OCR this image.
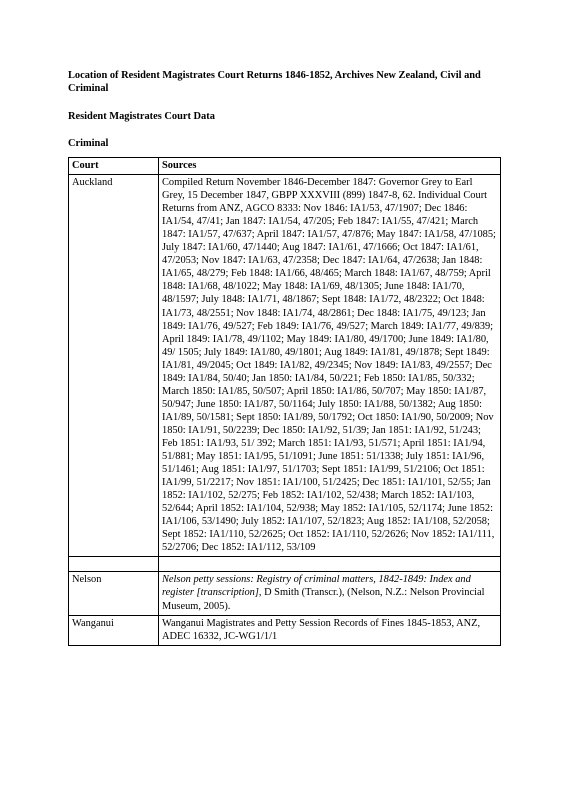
Location of Resident Magistrates Court Returns 1846-1852, Archives New Zealand, Civil and Criminal

Resident Magistrates Court Data

Criminal

Court	Sources
Auckland	Compiled Return November 1846-December 1847: Governor Grey to Earl Grey, 15 December 1847, GBPP XXXVIII (899) 1847-8, 62. Individual Court Returns from ANZ, AGCO 8333: Nov 1846: IA1/53, 47/1907; Dec 1846: IA1/54, 47/41; Jan 1847: IA1/54, 47/205; Feb 1847: IA1/55, 47/421; March 1847: IA1/57, 47/637; April 1847: IA1/57, 47/876; May 1847: IA1/58, 47/1085; July 1847: IA1/60, 47/1440; Aug 1847: IA1/61, 47/1666; Oct 1847: IA1/61, 47/2053; Nov 1847: IA1/63, 47/2358; Dec 1847: IA1/64, 47/2638; Jan 1848: IA1/65, 48/279; Feb 1848: IA1/66, 48/465; March 1848: IA1/67, 48/759; April 1848: IA1/68, 48/1022; May 1848: IA1/69, 48/1305; June 1848: IA1/70, 48/1597; July 1848: IA1/71, 48/1867; Sept 1848: IA1/72, 48/2322; Oct 1848: IA1/73, 48/2551; Nov 1848: IA1/74, 48/2861; Dec 1848: IA1/75, 49/123; Jan 1849: IA1/76, 49/527; Feb 1849: IA1/76, 49/527; March 1849: IA1/77, 49/839; April 1849: IA1/78, 49/1102; May 1849: IA1/80, 49/1700; June 1849: IA1/80, 49/ 1505; July 1849: IA1/80, 49/1801; Aug 1849: IA1/81, 49/1878; Sept 1849: IA1/81, 49/2045; Oct 1849: IA1/82, 49/2345; Nov 1849: IA1/83, 49/2557; Dec 1849: IA1/84, 50/40; Jan 1850: IA1/84, 50/221; Feb 1850: IA1/85, 50/332; March 1850: IA1/85, 50/507; April 1850: IA1/86, 50/707; May 1850: IA1/87, 50/947; June 1850: IA1/87, 50/1164; July 1850: IA1/88, 50/1382; Aug 1850: IA1/89, 50/1581; Sept 1850: IA1/89, 50/1792; Oct 1850: IA1/90, 50/2009; Nov 1850: IA1/91, 50/2239; Dec 1850: IA1/92, 51/39; Jan 1851: IA1/92, 51/243; Feb 1851: IA1/93, 51/ 392; March 1851: IA1/93, 51/571; April 1851: IA1/94, 51/881; May 1851: IA1/95, 51/1091; June 1851: 51/1338; July 1851: IA1/96, 51/1461; Aug 1851: IA1/97, 51/1703; Sept 1851: IA1/99, 51/2106; Oct 1851: IA1/99, 51/2217; Nov 1851: IA1/100, 51/2425; Dec 1851: IA1/101, 52/55; Jan 1852: IA1/102, 52/275; Feb 1852: IA1/102, 52/438; March 1852: IA1/103, 52/644; April 1852: IA1/104, 52/938; May 1852: IA1/105, 52/1174; June 1852: IA1/106, 53/1490; July 1852: IA1/107, 52/1823; Aug 1852: IA1/108, 52/2058; Sept 1852: IA1/110, 52/2625; Oct 1852: IA1/110, 52/2626; Nov 1852: IA1/111, 52/2706; Dec 1852: IA1/112, 53/109

Nelson	Nelson petty sessions: Registry of criminal matters, 1842-1849: Index and register [transcription], D Smith (Transcr.), (Nelson, N.Z.: Nelson Provincial Museum, 2005).
Wanganui	Wanganui Magistrates and Petty Session Records of Fines 1845-1853, ANZ, ADEC 16332, JC-WG1/1/1
